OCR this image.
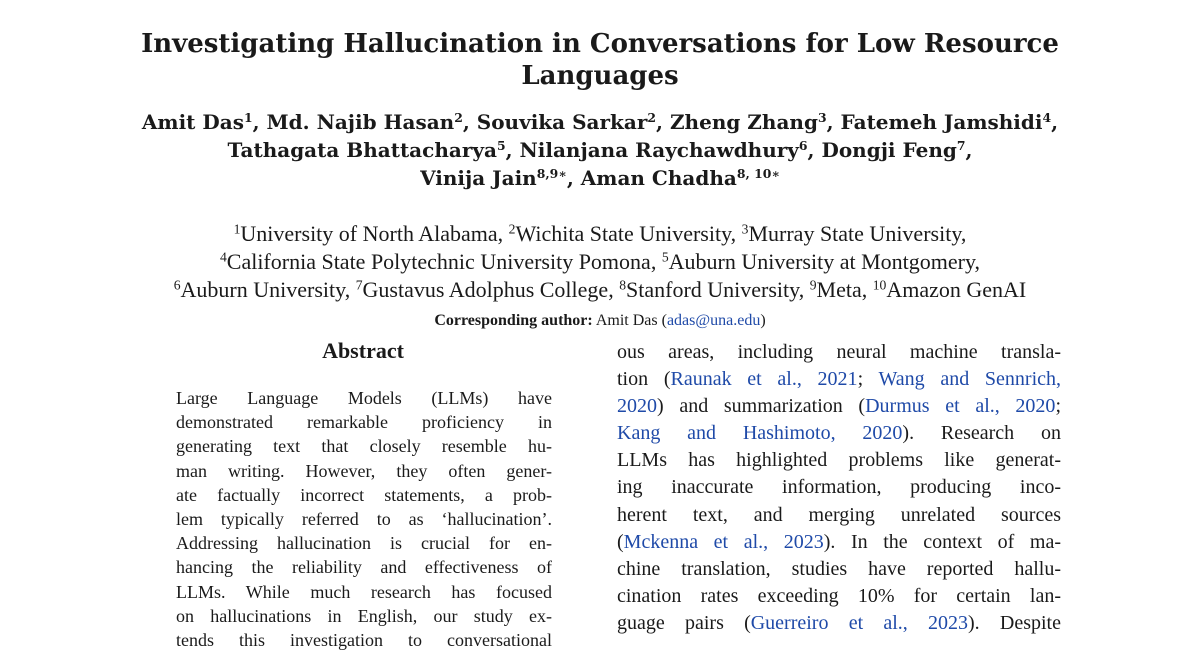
Investigating Hallucination in Conversations for Low Resource
Languages
Amit Das$^1$, Md. Najib Hasan$^2$, Souvika Sarkar$^2$, Zheng Zhang$^3$, Fatemeh Jamshidi$^4$,
Tathagata Bhattacharya$^5$, Nilanjana Raychawdhury$^6$, Dongji Feng$^7$,
Vinija Jain$^{8,9∗}$, Aman Chadha$^{8, 10∗}$
$^1$University of North Alabama, $^2$Wichita State University, $^3$Murray State University,
$^4$California State Polytechnic University Pomona, $^5$Auburn University at Montgomery,
$^6$Auburn University, $^7$Gustavus Adolphus College, $^8$Stanford University, $^9$Meta, $^{10}$Amazon GenAI
Corresponding author: Amit Das (adas@una.edu)
Abstract
Large Language Models (LLMs) have
demonstrated remarkable proficiency in
generating text that closely resemble hu-
man writing. However, they often gener-
ate factually incorrect statements, a prob-
lem typically referred to as ‘hallucination’.
Addressing hallucination is crucial for en-
hancing the reliability and effectiveness of
LLMs. While much research has focused
on hallucinations in English, our study ex-
tends this investigation to conversational
ous areas, including neural machine transla-
tion (Raunak et al., 2021; Wang and Sennrich,
2020) and summarization (Durmus et al., 2020;
Kang and Hashimoto, 2020). Research on
LLMs has highlighted problems like generat-
ing inaccurate information, producing inco-
herent text, and merging unrelated sources
(Mckenna et al., 2023). In the context of ma-
chine translation, studies have reported hallu-
cination rates exceeding 10% for certain lan-
guage pairs (Guerreiro et al., 2023). Despite
